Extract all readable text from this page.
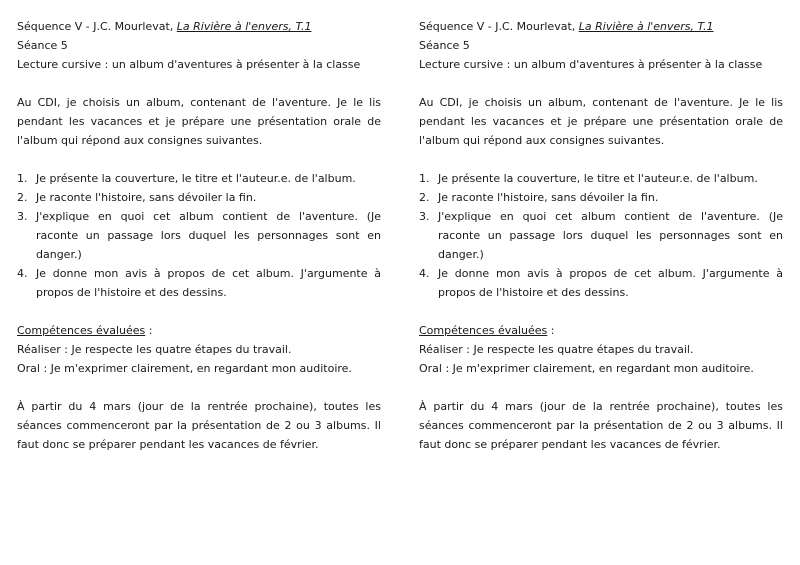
Séquence V - J.C. Mourlevat, La Rivière à l'envers, T.1
Séance 5
Lecture cursive : un album d'aventures à présenter à la classe
Au CDI, je choisis un album, contenant de l'aventure. Je le lis pendant les vacances et je prépare une présentation orale de l'album qui répond aux consignes suivantes.
1. Je présente la couverture, le titre et l'auteur.e. de l'album.
2. Je raconte l'histoire, sans dévoiler la fin.
3. J'explique en quoi cet album contient de l'aventure. (Je raconte un passage lors duquel les personnages sont en danger.)
4. Je donne mon avis à propos de cet album. J'argumente à propos de l'histoire et des dessins.
Compétences évaluées :
Réaliser : Je respecte les quatre étapes du travail.
Oral : Je m'exprimer clairement, en regardant mon auditoire.
À partir du 4 mars (jour de la rentrée prochaine), toutes les séances commenceront par la présentation de 2 ou 3 albums. Il faut donc se préparer pendant les vacances de février.
Séquence V - J.C. Mourlevat, La Rivière à l'envers, T.1
Séance 5
Lecture cursive : un album d'aventures à présenter à la classe
Au CDI, je choisis un album, contenant de l'aventure. Je le lis pendant les vacances et je prépare une présentation orale de l'album qui répond aux consignes suivantes.
1. Je présente la couverture, le titre et l'auteur.e. de l'album.
2. Je raconte l'histoire, sans dévoiler la fin.
3. J'explique en quoi cet album contient de l'aventure. (Je raconte un passage lors duquel les personnages sont en danger.)
4. Je donne mon avis à propos de cet album. J'argumente à propos de l'histoire et des dessins.
Compétences évaluées :
Réaliser : Je respecte les quatre étapes du travail.
Oral : Je m'exprimer clairement, en regardant mon auditoire.
À partir du 4 mars (jour de la rentrée prochaine), toutes les séances commenceront par la présentation de 2 ou 3 albums. Il faut donc se préparer pendant les vacances de février.
